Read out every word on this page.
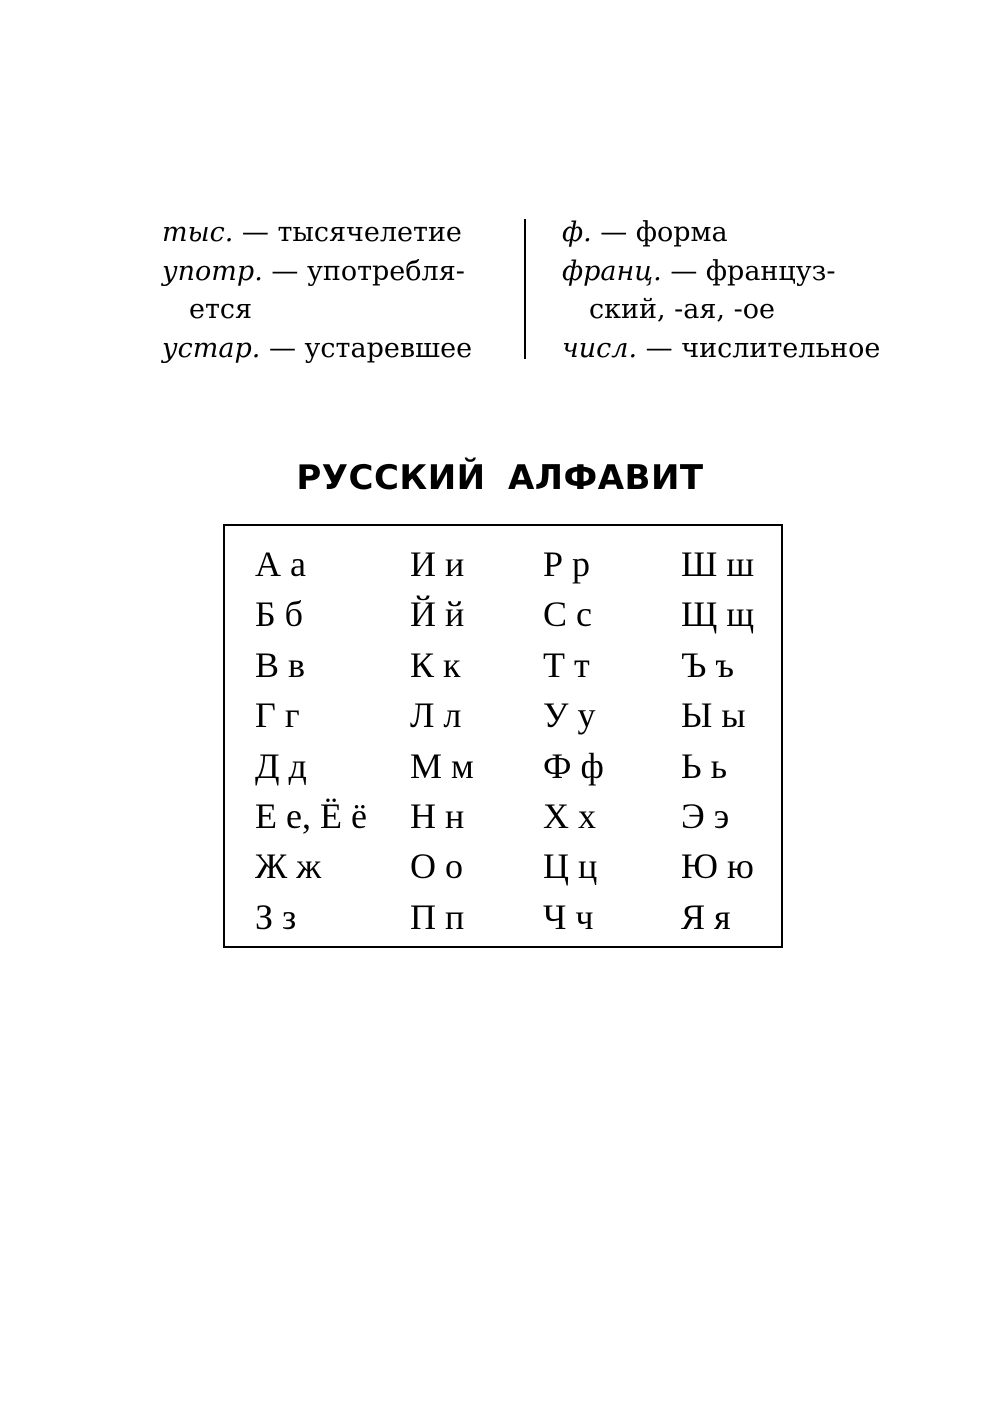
тыс. — тысячелетие
употр. — употребля-
ется
устар. — устаревшее
ф. — форма
франц. — француз-
ский, -ая, -ое
числ. — числительное
РУССКИЙ АЛФАВИТ
А а
Б б
В в
Г г
Д д
Е е, Ё ё
Ж ж
З з
И и
Й й
К к
Л л
М м
Н н
О о
П п
Р р
С с
Т т
У у
Ф ф
Х х
Ц ц
Ч ч
Ш ш
Щ щ
Ъ ъ
Ы ы
Ь ь
Э э
Ю ю
Я я
